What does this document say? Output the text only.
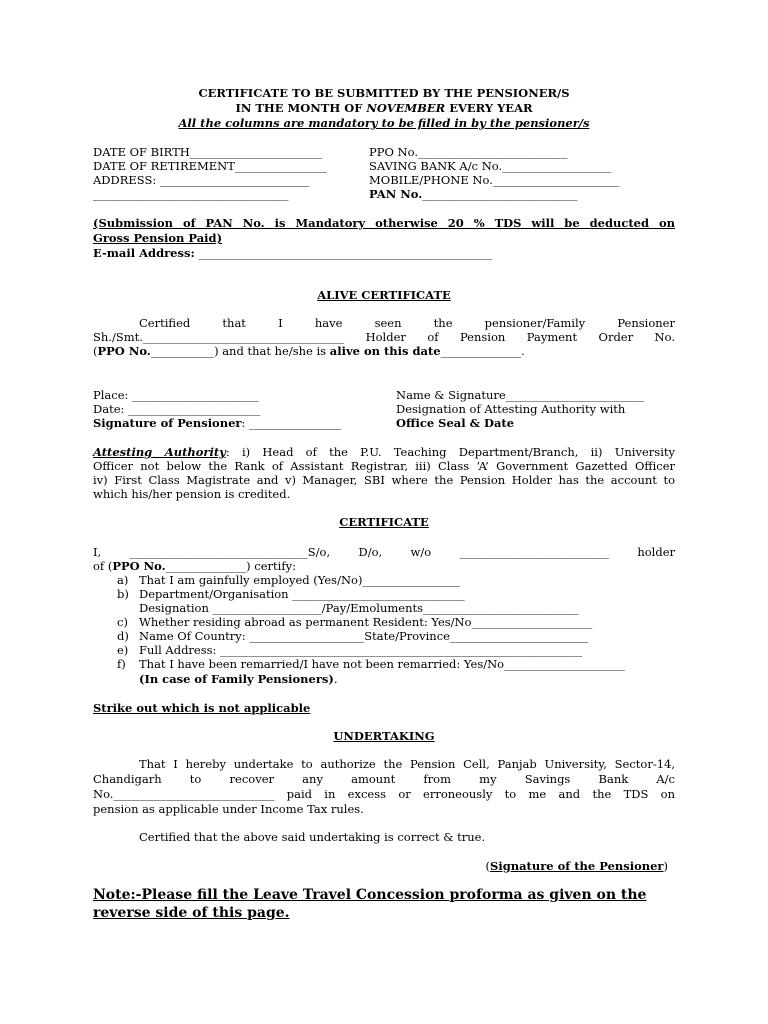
CERTIFICATE TO BE SUBMITTED BY THE PENSIONER/S
IN THE MONTH OF NOVEMBER EVERY YEAR
All the columns are mandatory to be filled in by the pensioner/s
DATE OF BIRTH_______________________	PPO No.__________________________
DATE OF RETIREMENT________________	SAVING BANK A/c No.___________________
ADDRESS: __________________________	MOBILE/PHONE No.______________________
__________________________________	PAN No.___________________________
(Submission of PAN No. is Mandatory otherwise 20 % TDS will be deducted on
Gross Pension Paid)
E-mail Address: ___________________________________________________
ALIVE CERTIFICATE
Certified that I have seen the pensioner/Family Pensioner
Sh./Smt.___________________________________ Holder of Pension Payment Order No.
(PPO No.___________) and that he/she is alive on this date______________.
Place: ______________________
Date: _______________________
Signature of Pensioner: ________________
Name & Signature________________________
Designation of Attesting Authority with
Office Seal & Date
Attesting Authority: i) Head of the P.U. Teaching Department/Branch, ii) University
Officer not below the Rank of Assistant Registrar, iii) Class ‘A’ Government Gazetted Officer
iv) First Class Magistrate and v) Manager, SBI where the Pension Holder has the account to
which his/her pension is credited.
CERTIFICATE
I, _______________________________S/o, D/o, w/o __________________________ holder
of (PPO No.______________) certify:
a) That I am gainfully employed (Yes/No)_________________
b) Department/Organisation ______________________________
Designation ___________________/Pay/Emoluments___________________________
c) Whether residing abroad as permanent Resident: Yes/No_____________________
d) Name Of Country: ____________________State/Province________________________
e) Full Address: _______________________________________________________________
f) That I have been remarried/I have not been remarried: Yes/No_____________________
(In case of Family Pensioners).
Strike out which is not applicable
UNDERTAKING
That I hereby undertake to authorize the Pension Cell, Panjab University, Sector-14,
Chandigarh to recover any amount from my Savings Bank A/c
No.____________________________ paid in excess or erroneously to me and the TDS on
pension as applicable under Income Tax rules.
Certified that the above said undertaking is correct & true.
(Signature of the Pensioner)
Note:-Please fill the Leave Travel Concession proforma as given on the reverse side of this page.
